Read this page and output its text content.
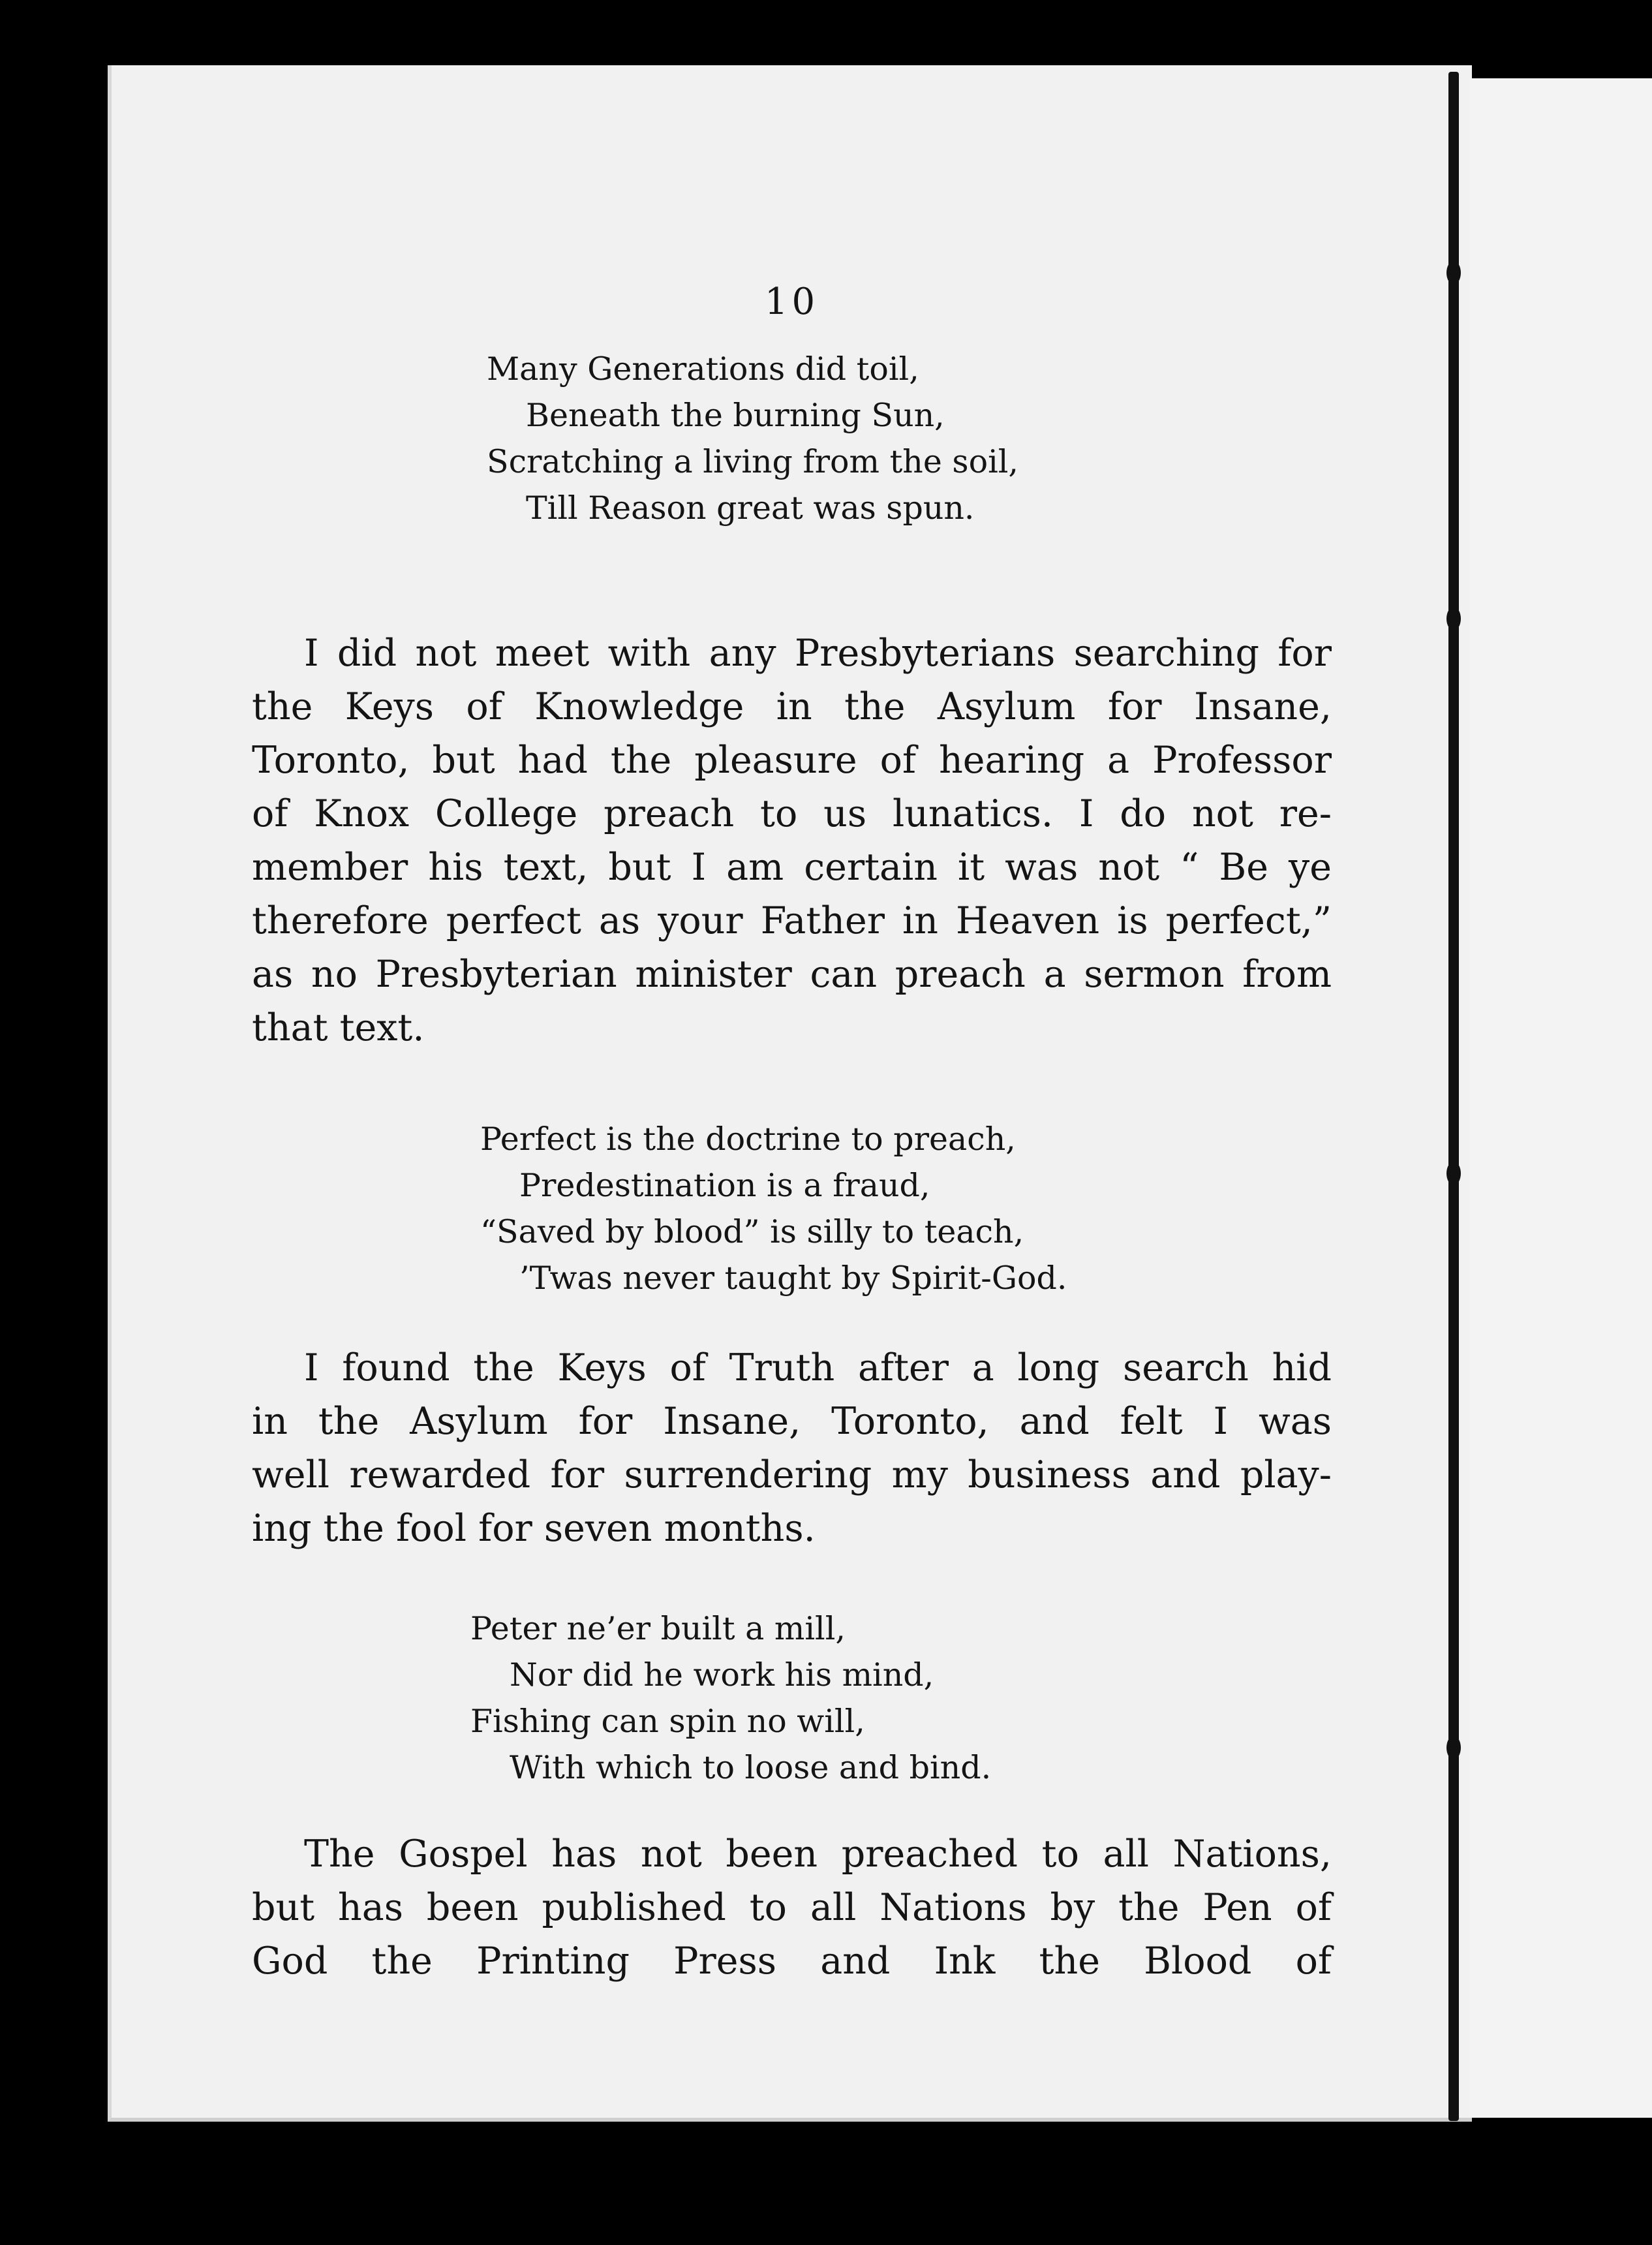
10
Many Generations did toil,
Beneath the burning Sun,
Scratching a living from the soil,
Till Reason great was spun.
I did not meet with any Presbyterians searching for
the Keys of Knowledge in the Asylum for Insane,
Toronto, but had the pleasure of hearing a Professor
of Knox College preach to us lunatics. I do not re-
member his text, but I am certain it was not “ Be ye
therefore perfect as your Father in Heaven is perfect,”
as no Presbyterian minister can preach a sermon from
that text.
Perfect is the doctrine to preach,
Predestination is a fraud,
“Saved by blood” is silly to teach,
’Twas never taught by Spirit-God.
I found the Keys of Truth after a long search hid
in the Asylum for Insane, Toronto, and felt I was
well rewarded for surrendering my business and play-
ing the fool for seven months.
Peter ne’er built a mill,
Nor did he work his mind,
Fishing can spin no will,
With which to loose and bind.
The Gospel has not been preached to all Nations,
but has been published to all Nations by the Pen of
God the Printing Press and Ink the Blood of
